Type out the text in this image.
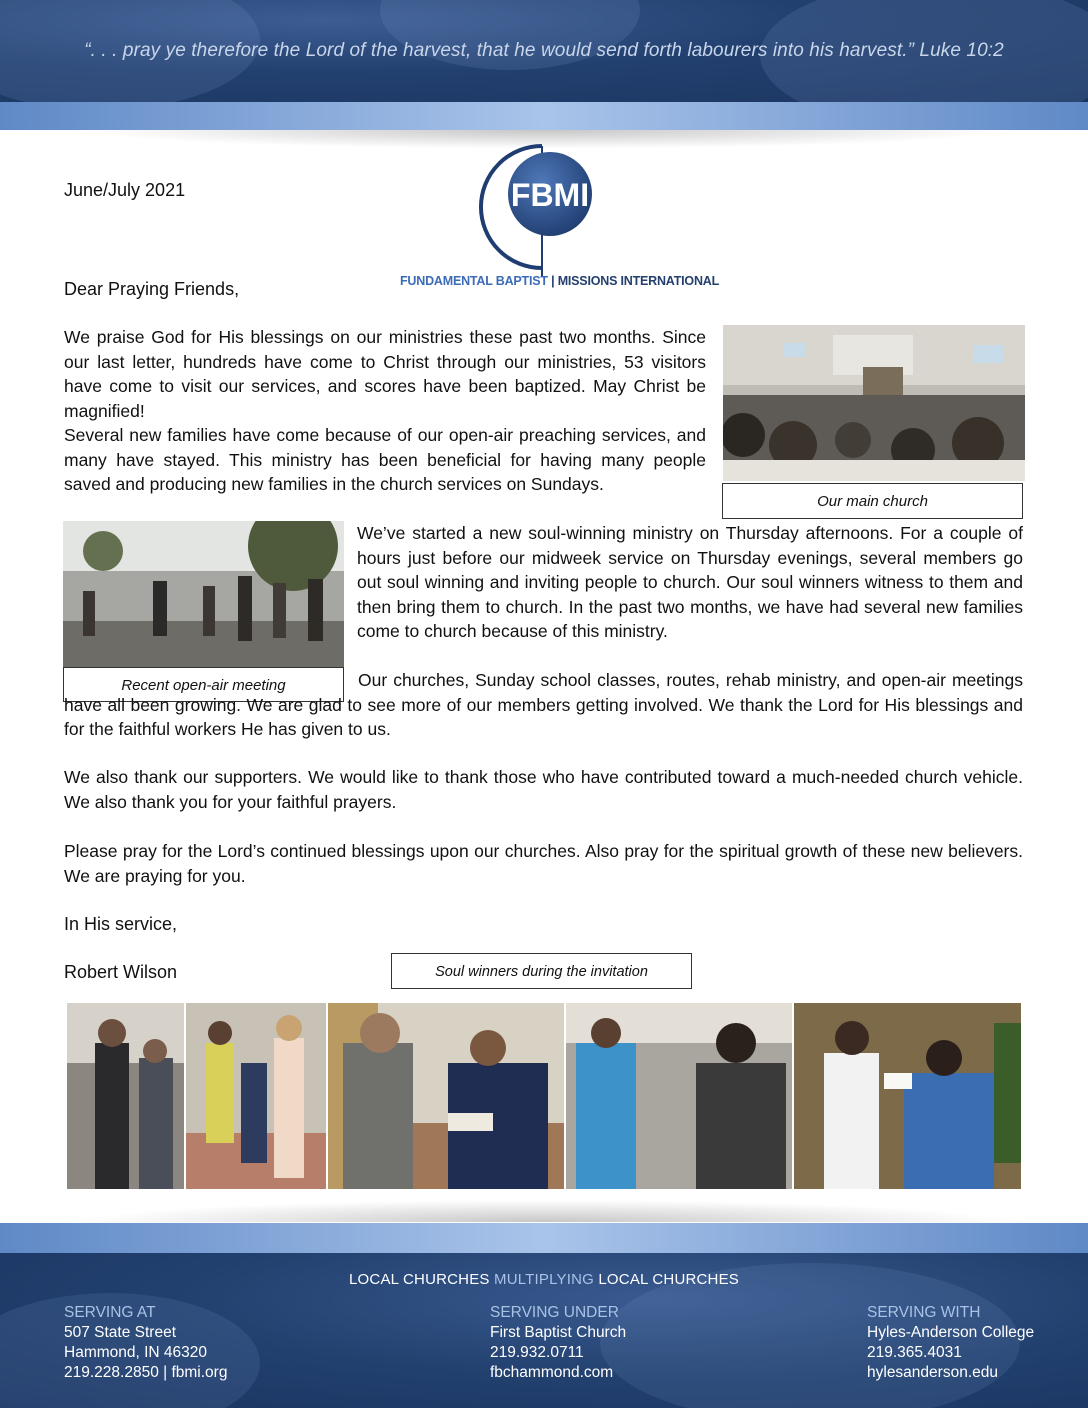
“. . . pray ye therefore the Lord of the harvest, that he would send forth labourers into his harvest.” Luke 10:2
June/July 2021
Dear Praying Friends,
FBMI
FUNDAMENTAL BAPTIST | MISSIONS INTERNATIONAL

We praise God for His blessings on our ministries these past two months. Since our last letter, hundreds have come to Christ through our ministries, 53 visitors have come to visit our services, and scores have been baptized. May Christ be magnified!

Several new families have come because of our open-air preaching services, and many have stayed. This ministry has been beneficial for having many people saved and producing new families in the church services on Sundays.

Our main church
Recent open-air meeting

We’ve started a new soul-winning ministry on Thursday afternoons. For a couple of hours just before our midweek service on Thursday evenings, several members go out soul winning and inviting people to church. Our soul winners witness to them and then bring them to church. In the past two months, we have had several new families come to church because of this ministry.

Our churches, Sunday school classes, routes, rehab ministry, and open-air meetings have all been growing. We are glad to see more of our members getting involved. We thank the Lord for His blessings and for the faithful workers He has given to us.

We also thank our supporters. We would like to thank those who have contributed toward a much-needed church vehicle. We also thank you for your faithful prayers.

Please pray for the Lord’s continued blessings upon our churches. Also pray for the spiritual growth of these new believers. We are praying for you.

In His service,
Robert Wilson	Soul winners during the invitation
LOCAL CHURCHES MULTIPLYING LOCAL CHURCHES
SERVING AT
507 State Street
Hammond, IN 46320
219.228.2850 | fbmi.org
SERVING UNDER
First Baptist Church
219.932.0711
fbchammond.com
SERVING WITH
Hyles-Anderson College
219.365.4031
hylesanderson.edu
